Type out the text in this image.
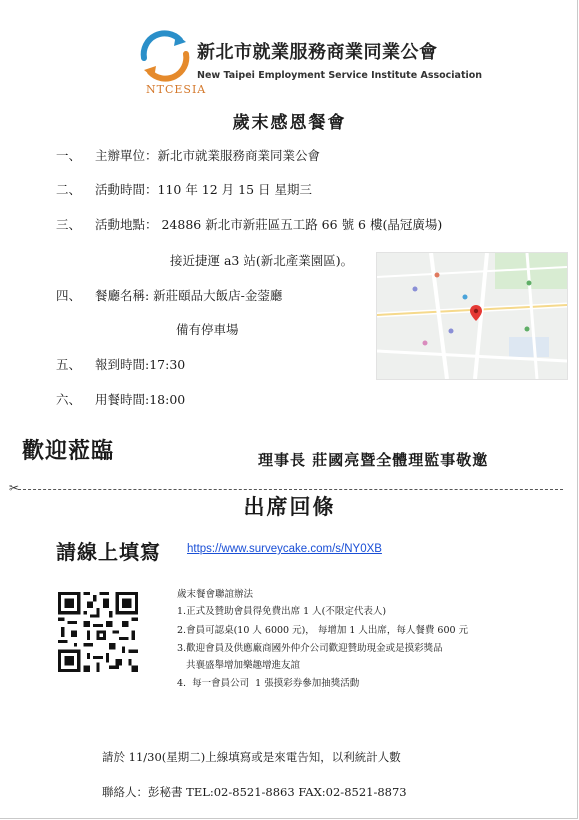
NTCESIA
新北市就業服務商業同業公會
New Taipei Employment Service Institute Association
歲末感恩餐會
一、 主辦單位：新北市就業服務商業同業公會
二、 活動時間：110 年 12 月 15 日 星期三
三、 活動地點： 24886 新北市新莊區五工路 66 號 6 樓(晶冠廣場)
接近捷運 a3 站(新北產業園區)。
四、 餐廳名稱: 新莊頤品大飯店-金蓥廳
備有停車場
五、 報到時間:17:30
六、 用餐時間:18:00
歡迎蒞臨	理事長 莊國亮暨全體理監事敬邀
✂
出席回條
請線上填寫 https://www.surveycake.com/s/NY0XB
歲末餐會聯誼辦法
1.正式及贊助會員得免費出席 1 人(不限定代表人)
2.會員可認桌(10 人 6000 元)， 每增加 1 人出席，每人餐費 600 元
3.歡迎會員及供應廠商國外仲介公司歡迎贊助現金或是摸彩獎品
共襄盛舉增加樂趣增進友誼
4.  每一會員公司  1 張摸彩券參加抽獎活動
請於 11/30(星期二)上線填寫或是來電告知，以利統計人數
聯絡人：彭秘書 TEL:02-8521-8863 FAX:02-8521-8873
